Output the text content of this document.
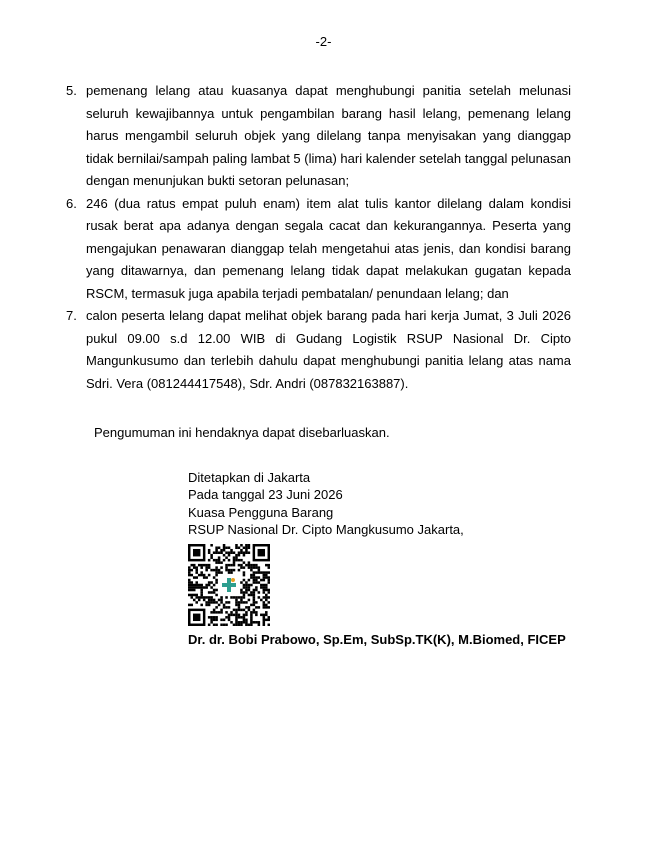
-2-
5. pemenang lelang atau kuasanya dapat menghubungi panitia setelah melunasi seluruh kewajibannya untuk pengambilan barang hasil lelang, pemenang lelang harus mengambil seluruh objek yang dilelang tanpa menyisakan yang dianggap tidak bernilai/sampah paling lambat 5 (lima) hari kalender setelah tanggal pelunasan dengan menunjukan bukti setoran pelunasan;

6. 246 (dua ratus empat puluh enam) item alat tulis kantor dilelang dalam kondisi rusak berat apa adanya dengan segala cacat dan kekurangannya. Peserta yang mengajukan penawaran dianggap telah mengetahui atas jenis, dan kondisi barang yang ditawarnya, dan pemenang lelang tidak dapat melakukan gugatan kepada RSCM, termasuk juga apabila terjadi pembatalan/ penundaan lelang; dan

7. calon peserta lelang dapat melihat objek barang pada hari kerja Jumat, 3 Juli 2026 pukul 09.00 s.d 12.00 WIB di Gudang Logistik RSUP Nasional Dr. Cipto Mangunkusumo dan terlebih dahulu dapat menghubungi panitia lelang atas nama Sdri. Vera (081244417548), Sdr. Andri (087832163887).

Pengumuman ini hendaknya dapat disebarluaskan.

Ditetapkan di Jakarta

Pada tanggal 23 Juni 2026

Kuasa Pengguna Barang

RSUP Nasional Dr. Cipto Mangkusumo Jakarta,

Dr. dr. Bobi Prabowo, Sp.Em, SubSp.TK(K), M.Biomed, FICEP
